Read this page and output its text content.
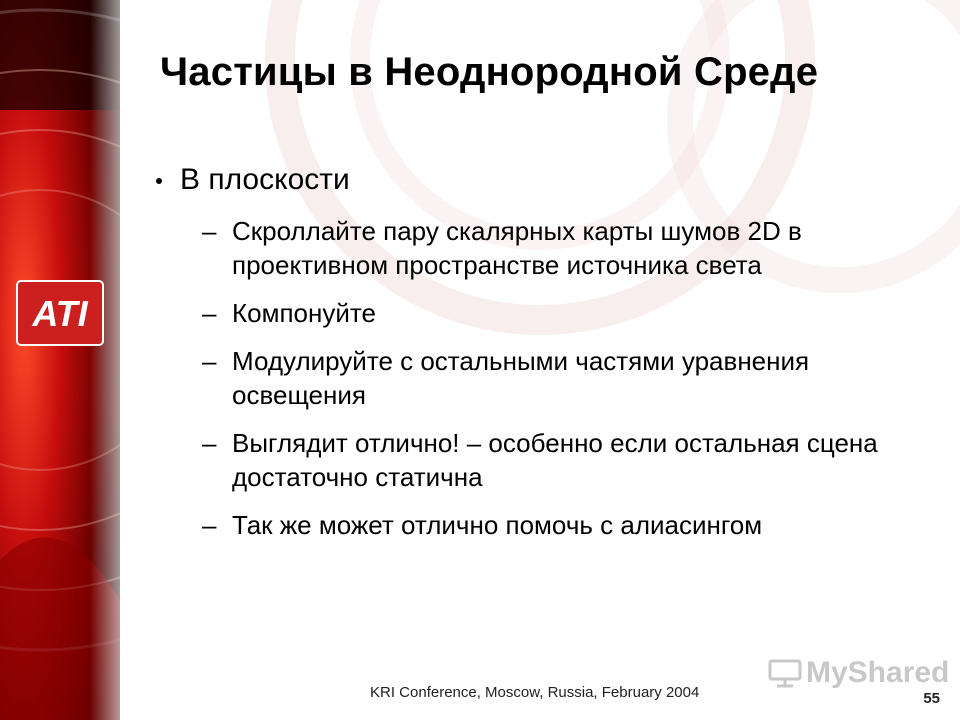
ATI
Частицы в Неоднородной Среде
В плоскости
– Скроллайте пару скалярных карты шумов 2D в проективном пространстве источника света
– Компонуйте
– Модулируйте с остальными частями уравнения освещения
– Выглядит отлично! – особенно если остальная сцена достаточно статична
– Так же может отлично помочь с алиасингом
MyShared
KRI Conference, Moscow, Russia, February 2004	55
